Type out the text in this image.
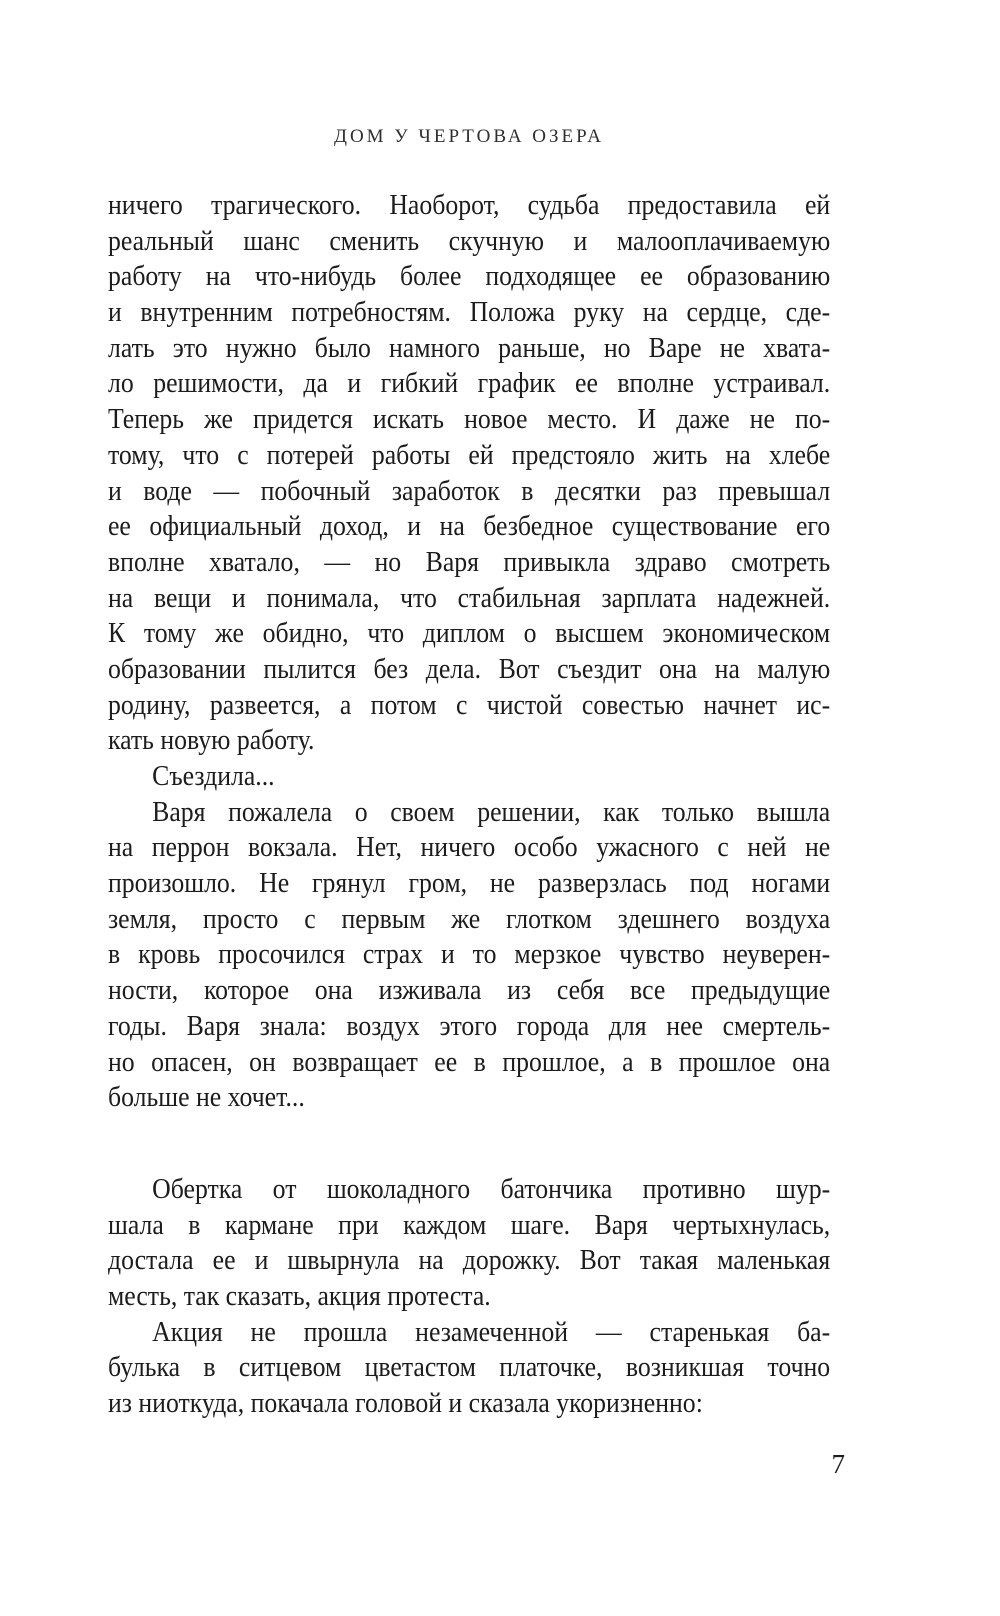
ДОМ У ЧЕРТОВА ОЗЕРА
ничего трагического. Наоборот, судьба предоставила ей
реальный шанс сменить скучную и малооплачиваемую
работу на что-нибудь более подходящее ее образованию
и внутренним потребностям. Положа руку на сердце, сде-
лать это нужно было намного раньше, но Варе не хвата-
ло решимости, да и гибкий график ее вполне устраивал.
Теперь же придется искать новое место. И даже не по-
тому, что с потерей работы ей предстояло жить на хлебе
и воде — побочный заработок в десятки раз превышал
ее официальный доход, и на безбедное существование его
вполне хватало, — но Варя привыкла здраво смотреть
на вещи и понимала, что стабильная зарплата надежней.
К тому же обидно, что диплом о высшем экономическом
образовании пылится без дела. Вот съездит она на малую
родину, развеется, а потом с чистой совестью начнет ис-
кать новую работу.
Съездила...
Варя пожалела о своем решении, как только вышла
на перрон вокзала. Нет, ничего особо ужасного с ней не
произошло. Не грянул гром, не разверзлась под ногами
земля, просто с первым же глотком здешнего воздуха
в кровь просочился страх и то мерзкое чувство неуверен-
ности, которое она изживала из себя все предыдущие
годы. Варя знала: воздух этого города для нее смертель-
но опасен, он возвращает ее в прошлое, а в прошлое она
больше не хочет...
Обертка от шоколадного батончика противно шур-
шала в кармане при каждом шаге. Варя чертыхнулась,
достала ее и швырнула на дорожку. Вот такая маленькая
месть, так сказать, акция протеста.
Акция не прошла незамеченной — старенькая ба-
булька в ситцевом цветастом платочке, возникшая точно
из ниоткуда, покачала головой и сказала укоризненно:
7
